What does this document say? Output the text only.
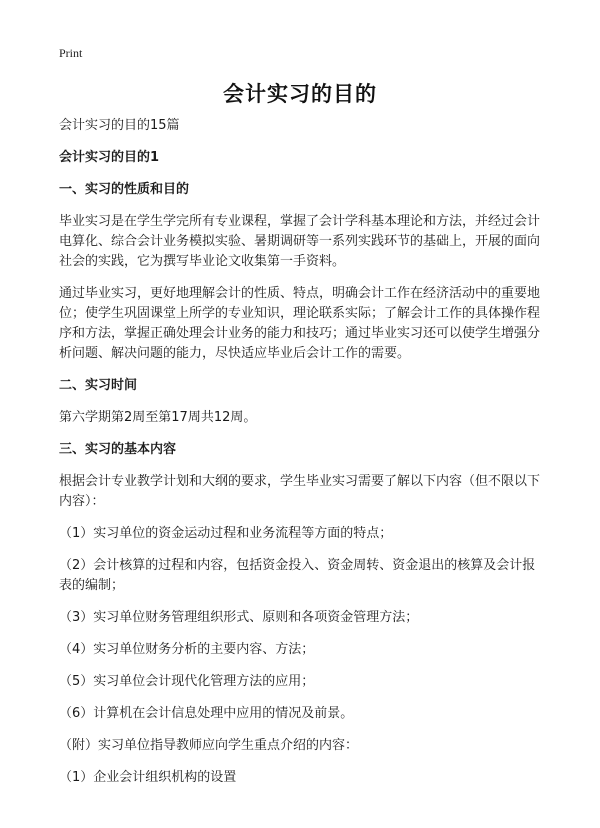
Print
会计实习的目的

会计实习的目的15篇

会计实习的目的1

一、实习的性质和目的

毕业实习是在学生学完所有专业课程，掌握了会计学科基本理论和方法，并经过会计电算化、综合会计业务模拟实验、暑期调研等一系列实践环节的基础上，开展的面向社会的实践，它为撰写毕业论文收集第一手资料。

通过毕业实习，更好地理解会计的性质、特点，明确会计工作在经济活动中的重要地位；使学生巩固课堂上所学的专业知识，理论联系实际；了解会计工作的具体操作程序和方法，掌握正确处理会计业务的能力和技巧；通过毕业实习还可以使学生增强分析问题、解决问题的能力，尽快适应毕业后会计工作的需要。

二、实习时间

第六学期第2周至第17周共12周。

三、实习的基本内容

根据会计专业教学计划和大纲的要求，学生毕业实习需要了解以下内容（但不限以下内容）：

（1）实习单位的资金运动过程和业务流程等方面的特点；

（2）会计核算的过程和内容，包括资金投入、资金周转、资金退出的核算及会计报表的编制；

（3）实习单位财务管理组织形式、原则和各项资金管理方法；

（4）实习单位财务分析的主要内容、方法；

（5）实习单位会计现代化管理方法的应用；

（6）计算机在会计信息处理中应用的情况及前景。

（附）实习单位指导教师应向学生重点介绍的内容：

（1）企业会计组织机构的设置
